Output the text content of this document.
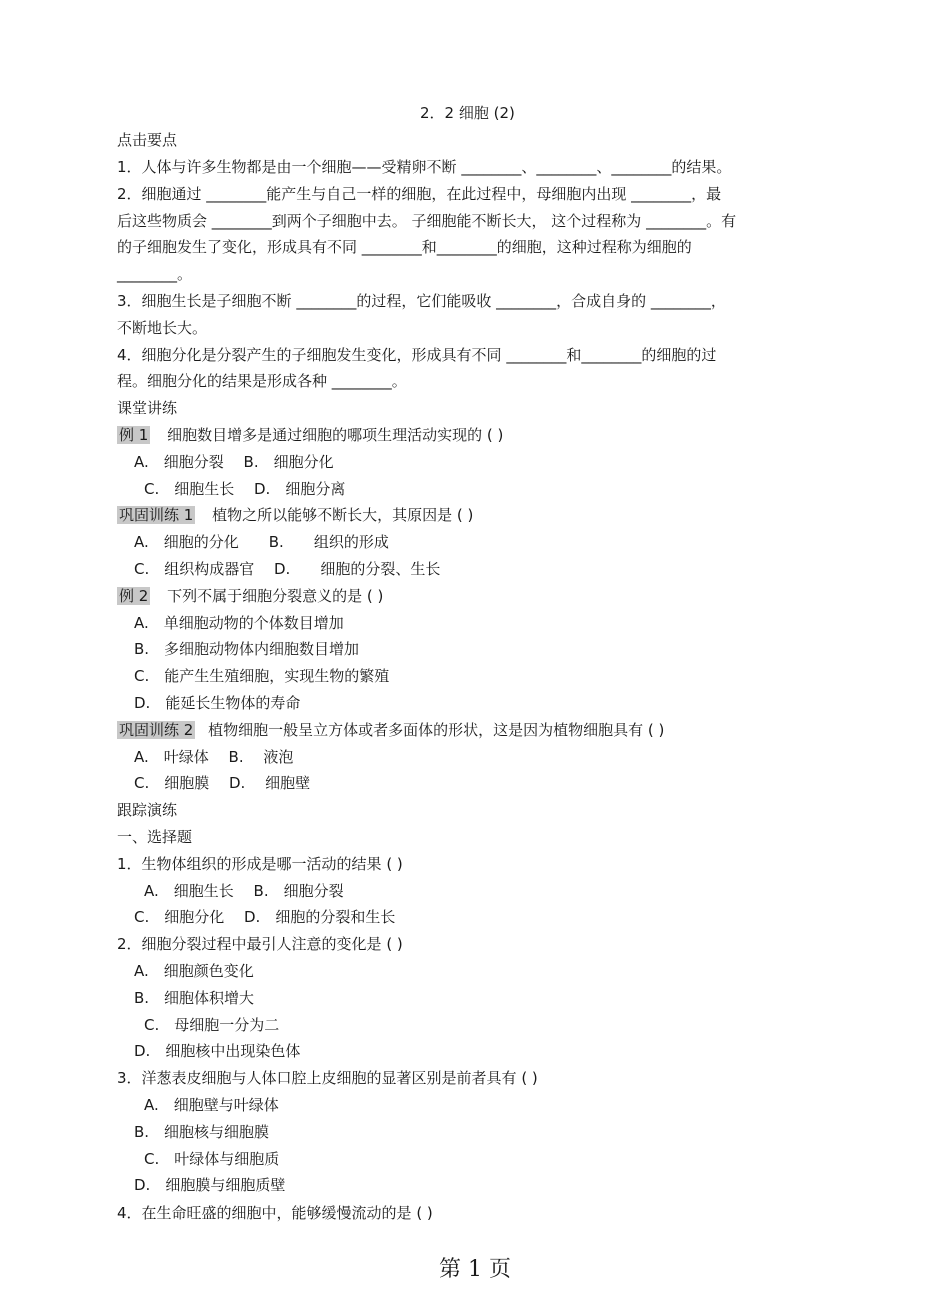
2．2 细胞 (2)
点击要点
1．人体与许多生物都是由一个细胞——受精卵不断 ________、________、________的结果。
2．细胞通过 ________能产生与自己一样的细胞，在此过程中，母细胞内出现 ________，最
后这些物质会 ________到两个子细胞中去。 子细胞能不断长大， 这个过程称为 ________。有
的子细胞发生了变化，形成具有不同 ________和________的细胞，这种过程称为细胞的
________。
3．细胞生长是子细胞不断 ________的过程，它们能吸收 ________，合成自身的 ________，
不断地长大。
4．细胞分化是分裂产生的子细胞发生变化，形成具有不同 ________和________的细胞的过
程。细胞分化的结果是形成各种 ________。
课堂讲练
例 1 细胞数目增多是通过细胞的哪项生理活动实现的 ( )
A.　细胞分裂　 B.　细胞分化
C.　细胞生长　 D.　细胞分离
巩固训练 1 植物之所以能够不断长大，其原因是 ( )
A.　细胞的分化　　B.　　组织的形成
C.　组织构成器官　 D.　　细胞的分裂、生长
例 2 下列不属于细胞分裂意义的是 ( )
A.　单细胞动物的个体数目增加
B.　多细胞动物体内细胞数目增加
C.　能产生生殖细胞，实现生物的繁殖
D.　能延长生物体的寿命
巩固训练 2 植物细胞一般呈立方体或者多面体的形状，这是因为植物细胞具有 ( )
A.　叶绿体　 B.　 液泡
C.　细胞膜　 D.　 细胞壁
跟踪演练
一、选择题
1．生物体组织的形成是哪一活动的结果 ( )
A.　细胞生长　 B.　细胞分裂
C.　细胞分化　 D.　细胞的分裂和生长
2．细胞分裂过程中最引人注意的变化是 ( )
A.　细胞颜色变化
B.　细胞体积增大
C.　母细胞一分为二
D.　细胞核中出现染色体
3．洋葱表皮细胞与人体口腔上皮细胞的显著区别是前者具有 ( )
A.　细胞壁与叶绿体
B.　细胞核与细胞膜
C.　叶绿体与细胞质
D.　细胞膜与细胞质壁
4．在生命旺盛的细胞中，能够缓慢流动的是 ( )
第 1 页
